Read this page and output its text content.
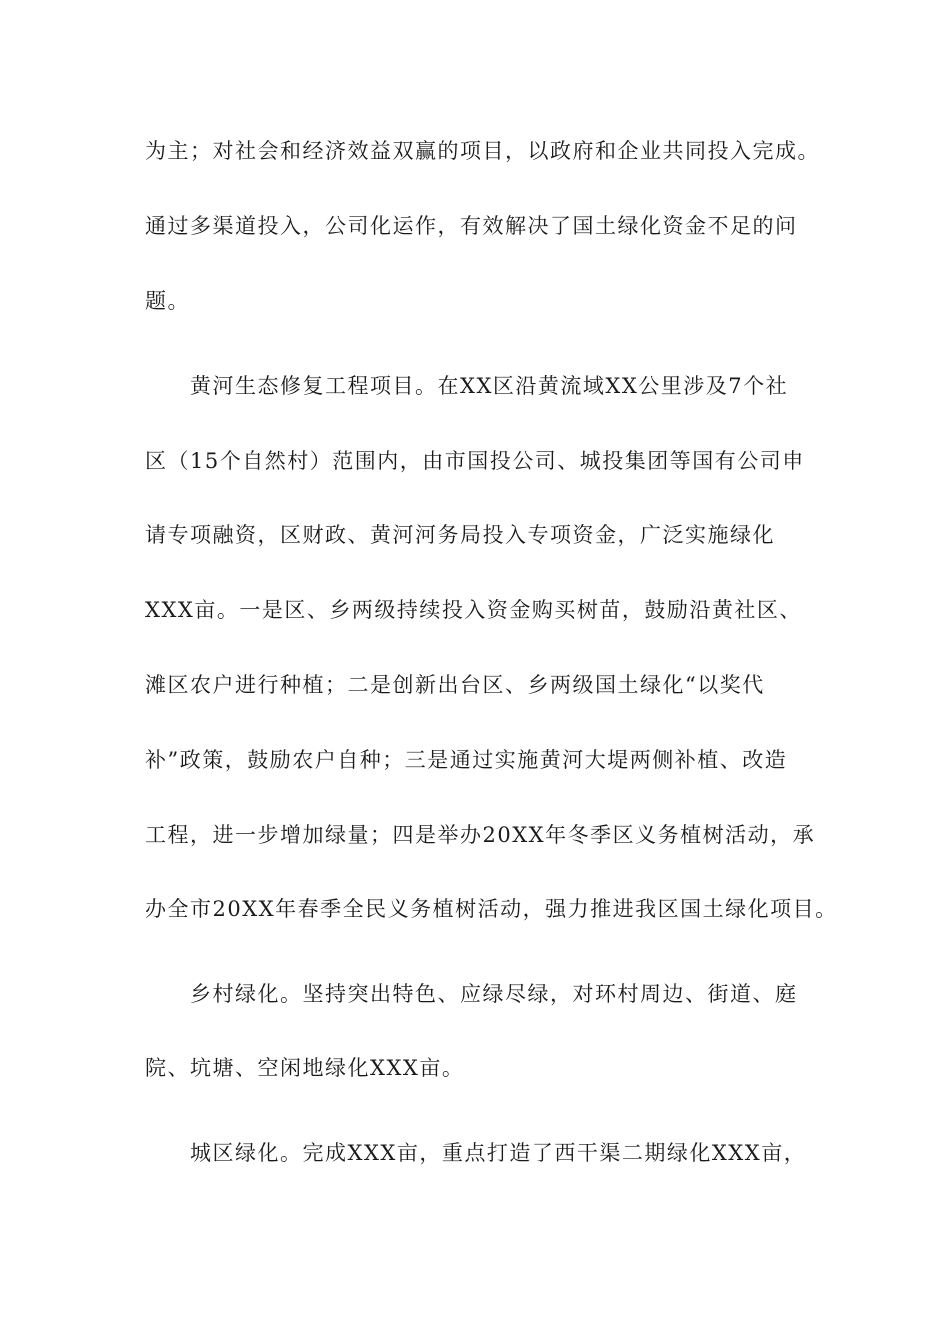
为主；对社会和经济效益双赢的项目，以政府和企业共同投入完成。
通过多渠道投入，公司化运作，有效解决了国土绿化资金不足的问
题。
黄河生态修复工程项目。在XX区沿黄流域XX公里涉及7个社
区（15个自然村）范围内，由市国投公司、城投集团等国有公司申
请专项融资，区财政、黄河河务局投入专项资金，广泛实施绿化
XXX亩。一是区、乡两级持续投入资金购买树苗，鼓励沿黄社区、
滩区农户进行种植；二是创新出台区、乡两级国土绿化“以奖代
补”政策，鼓励农户自种；三是通过实施黄河大堤两侧补植、改造
工程，进一步增加绿量；四是举办20XX年冬季区义务植树活动，承
办全市20XX年春季全民义务植树活动，强力推进我区国土绿化项目。
乡村绿化。坚持突出特色、应绿尽绿，对环村周边、街道、庭
院、坑塘、空闲地绿化XXX亩。
城区绿化。完成XXX亩，重点打造了西干渠二期绿化XXX亩，
